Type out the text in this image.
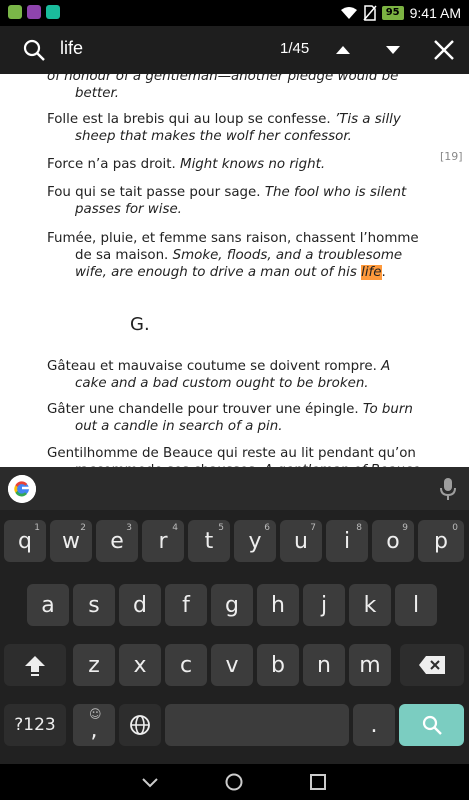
95 9:41 AM
life	1/45
of honour of a gentleman—another pledge would be better.
Folle est la brebis qui au loup se confesse. ’Tis a silly sheep that makes the wolf her confessor.
Force n’a pas droit. Might knows no right.
[19]
Fou qui se tait passe pour sage. The fool who is silent passes for wise.
Fumée, pluie, et femme sans raison, chassent l’homme de sa maison. Smoke, floods, and a troublesome wife, are enough to drive a man out of his life.
G.
Gâteau et mauvaise coutume se doivent rompre. A cake and a bad custom ought to be broken.
Gâter une chandelle pour trouver une épingle. To burn out a candle in search of a pin.
Gentilhomme de Beauce qui reste au lit pendant qu’on
q
1
w
2
e
3
r
4
t
5
y
6
u
7
i
8
o
9
p
0
a	s	d	f	g	h	j	k	l
z	x	c	v	b	n	m
?123
☺
,	.
